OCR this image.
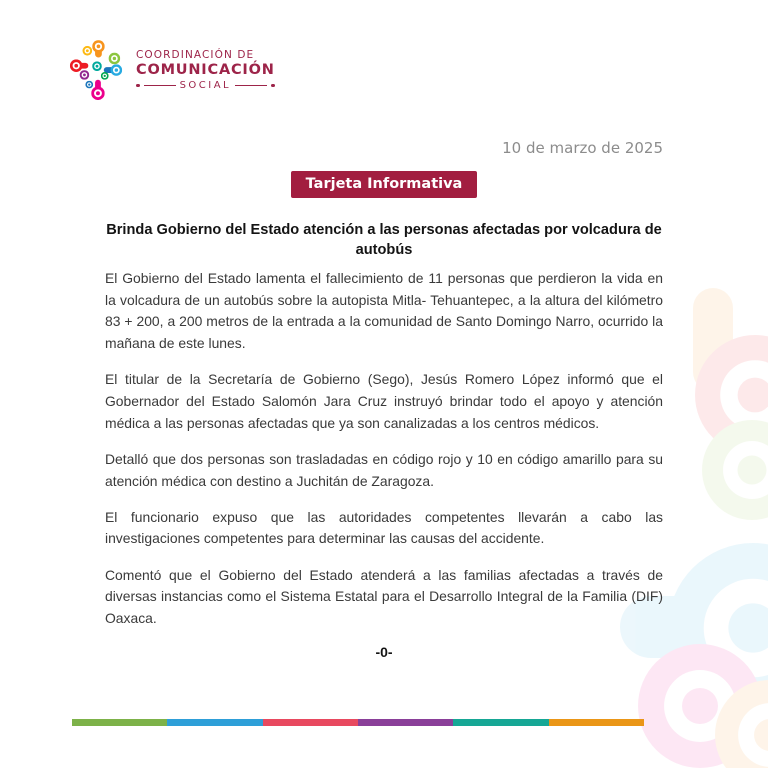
COORDINACIÓN DE
COMUNICACIÓN
SOCIAL
10 de marzo de 2025
Tarjeta Informativa
Brinda Gobierno del Estado atención a las personas afectadas por volcadura de autobús

El Gobierno del Estado lamenta el fallecimiento de 11 personas que perdieron la vida en la volcadura de un autobús sobre la autopista Mitla- Tehuantepec, a la altura del kilómetro 83 + 200, a 200 metros de la entrada a la comunidad de Santo Domingo Narro, ocurrido la mañana de este lunes.

El titular de la Secretaría de Gobierno (Sego), Jesús Romero López informó que el Gobernador del Estado Salomón Jara Cruz instruyó brindar todo el apoyo y atención médica a las personas afectadas que ya son canalizadas a los centros médicos.

Detalló que dos personas son trasladadas en código rojo y 10 en código amarillo para su atención médica con destino a Juchitán de Zaragoza.

El funcionario expuso que las autoridades competentes llevarán a cabo las investigaciones competentes para determinar las causas del accidente.

Comentó que el Gobierno del Estado atenderá a las familias afectadas a través de diversas instancias como el Sistema Estatal para el Desarrollo Integral de la Familia (DIF) Oaxaca.

-0-
